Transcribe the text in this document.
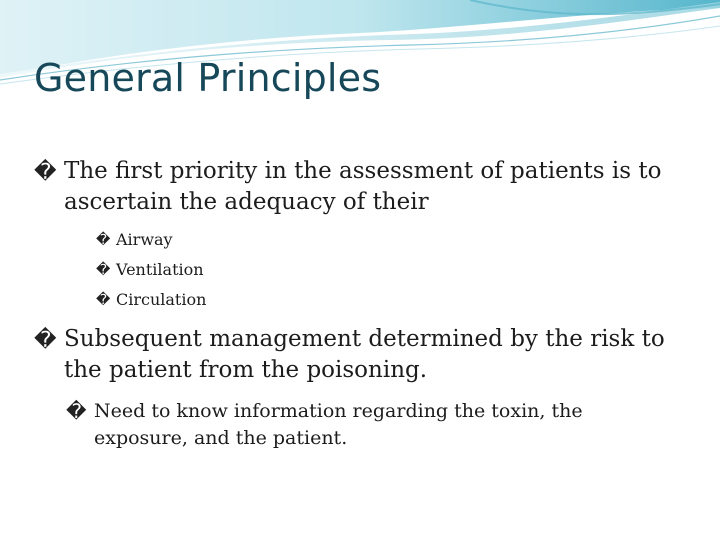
General Principles
� The first priority in the assessment of patients is to ascertain the adequacy of their
� Airway
� Ventilation
� Circulation
� Subsequent management determined by the risk to the patient from the poisoning.
� Need to know information regarding the toxin, the exposure, and the patient.
